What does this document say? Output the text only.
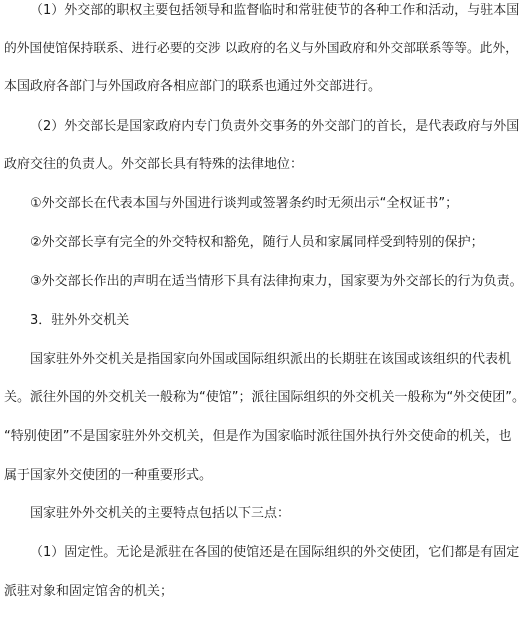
（1）外交部的职权主要包括领导和监督临时和常驻使节的各种工作和活动，与驻本国
的外国使馆保持联系、进行必要的交涉 以政府的名义与外国政府和外交部联系等等。此外，
本国政府各部门与外国政府各相应部门的联系也通过外交部进行。
（2）外交部长是国家政府内专门负责外交事务的外交部门的首长，是代表政府与外国
政府交往的负责人。外交部长具有特殊的法律地位：
①外交部长在代表本国与外国进行谈判或签署条约时无须出示“全权证书”；
②外交部长享有完全的外交特权和豁免，随行人员和家属同样受到特别的保护；
③外交部长作出的声明在适当情形下具有法律拘束力，国家要为外交部长的行为负责。
3．驻外外交机关
国家驻外外交机关是指国家向外国或国际组织派出的长期驻在该国或该组织的代表机
关。派往外国的外交机关一般称为“使馆”；派往国际组织的外交机关一般称为“外交使团”。
“特别使团”不是国家驻外外交机关，但是作为国家临时派往国外执行外交使命的机关，也
属于国家外交使团的一种重要形式。
国家驻外外交机关的主要特点包括以下三点：
（1）固定性。无论是派驻在各国的使馆还是在国际组织的外交使团，它们都是有固定
派驻对象和固定馆舍的机关；
